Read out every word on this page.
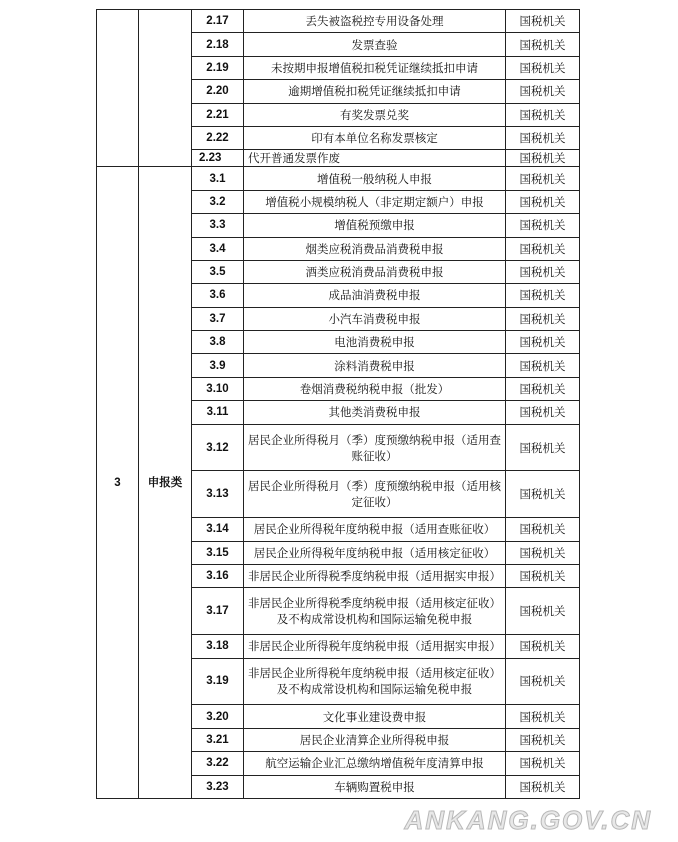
		2.17	丢失被盗税控专用设备处理	国税机关
		2.18	发票查验	国税机关
		2.19	未按期申报增值税扣税凭证继续抵扣申请	国税机关
		2.20	逾期增值税扣税凭证继续抵扣申请	国税机关
		2.21	有奖发票兑奖	国税机关
		2.22	印有本单位名称发票核定	国税机关
		2.23	代开普通发票作废	国税机关
3	申报类	3.1	增值税一般纳税人申报	国税机关
		3.2	增值税小规模纳税人（非定期定额户）申报	国税机关
		3.3	增值税预缴申报	国税机关
		3.4	烟类应税消费品消费税申报	国税机关
		3.5	酒类应税消费品消费税申报	国税机关
		3.6	成品油消费税申报	国税机关
		3.7	小汽车消费税申报	国税机关
		3.8	电池消费税申报	国税机关
		3.9	涂料消费税申报	国税机关
		3.10	卷烟消费税纳税申报（批发）	国税机关
		3.11	其他类消费税申报	国税机关
		3.12	居民企业所得税月（季）度预缴纳税申报（适用查账征收）	国税机关
		3.13	居民企业所得税月（季）度预缴纳税申报（适用核定征收）	国税机关
		3.14	居民企业所得税年度纳税申报（适用查账征收）	国税机关
		3.15	居民企业所得税年度纳税申报（适用核定征收）	国税机关
		3.16	非居民企业所得税季度纳税申报（适用据实申报）	国税机关
		3.17	非居民企业所得税季度纳税申报（适用核定征收）及不构成常设机构和国际运输免税申报	国税机关
		3.18	非居民企业所得税年度纳税申报（适用据实申报）	国税机关
		3.19	非居民企业所得税年度纳税申报（适用核定征收）及不构成常设机构和国际运输免税申报	国税机关
		3.20	文化事业建设费申报	国税机关
		3.21	居民企业清算企业所得税申报	国税机关
		3.22	航空运输企业汇总缴纳增值税年度清算申报	国税机关
		3.23	车辆购置税申报	国税机关
ANKANG.GOV.CN
